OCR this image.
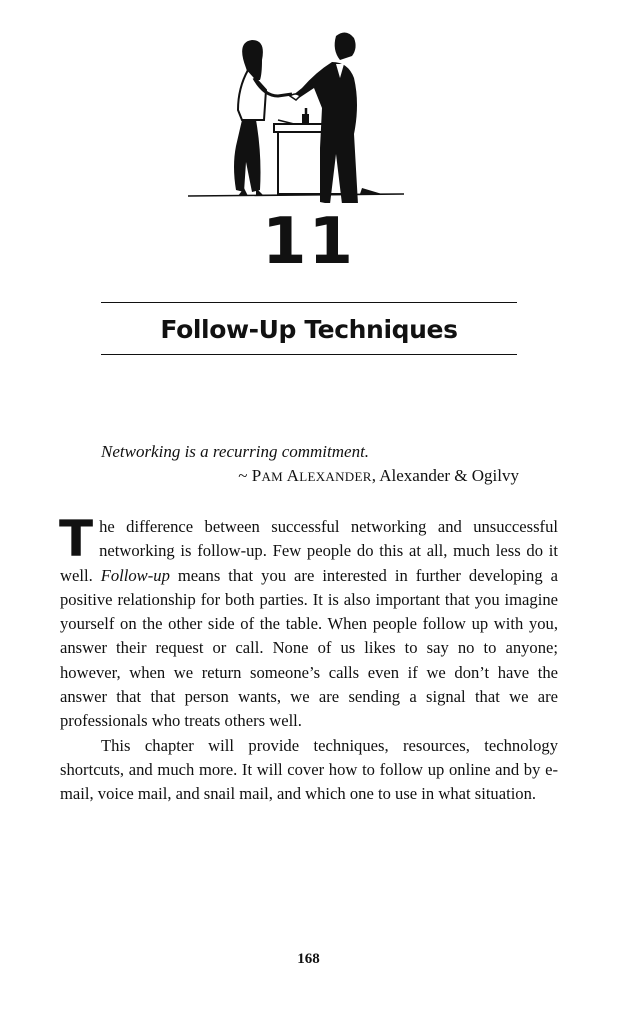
11
Follow-Up Techniques
Networking is a recurring commitment.
~ PAM ALEXANDER, Alexander & Ogilvy

The difference between successful networking and unsuccessful networking is follow-up. Few people do this at all, much less do it well. Follow-up means that you are interested in further developing a positive relationship for both parties. It is also important that you imagine yourself on the other side of the table. When people follow up with you, answer their request or call. None of us likes to say no to anyone; however, when we return someone’s calls even if we don’t have the answer that that person wants, we are sending a signal that we are professionals who treats others well.

This chapter will provide techniques, resources, technology shortcuts, and much more. It will cover how to follow up online and by e-mail, voice mail, and snail mail, and which one to use in what situation.

168
